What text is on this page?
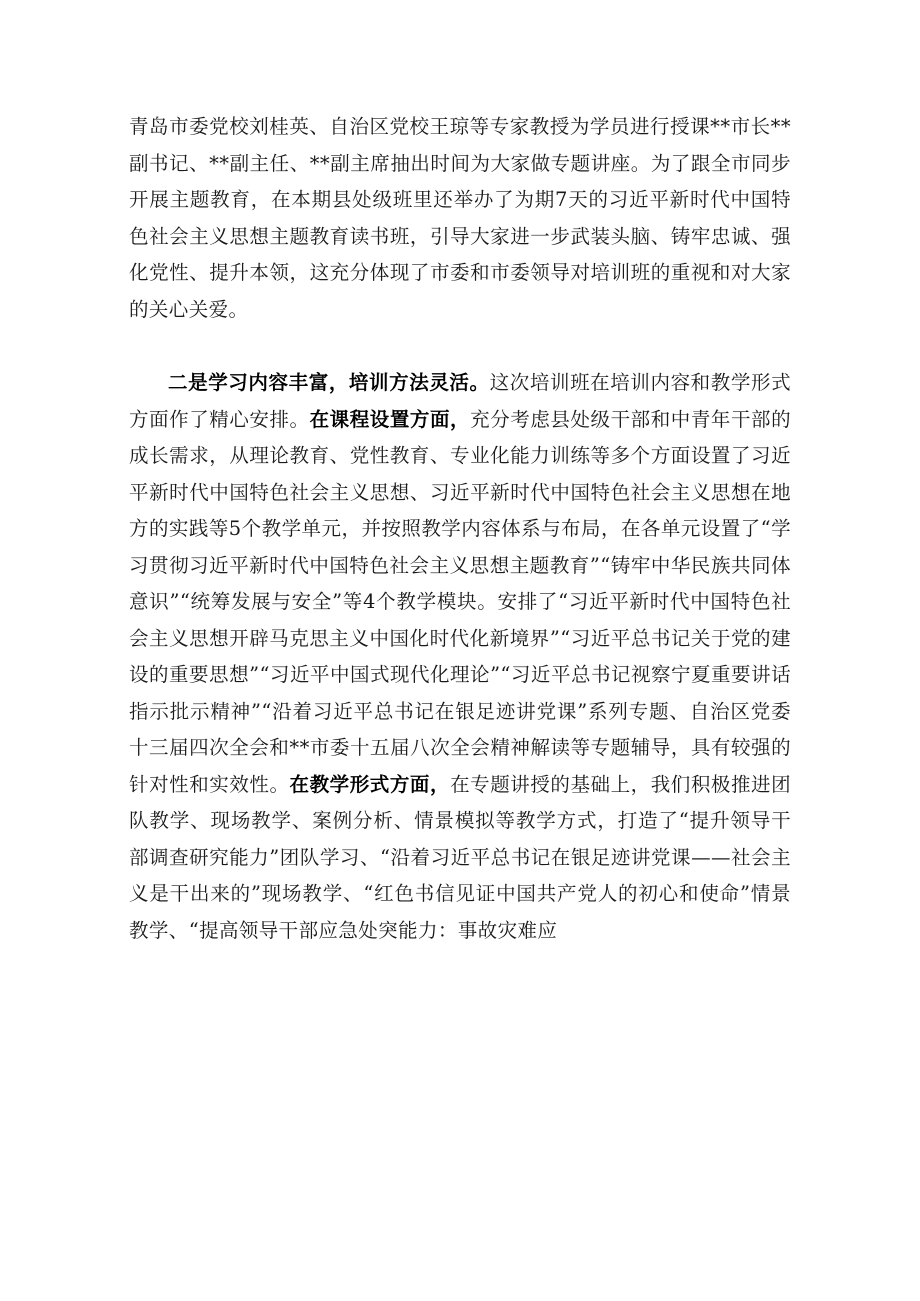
青岛市委党校刘桂英、自治区党校王琼等专家教授为学员进行授课**市长**副书记、**副主任、**副主席抽出时间为大家做专题讲座。为了跟全市同步开展主题教育，在本期县处级班里还举办了为期7天的习近平新时代中国特色社会主义思想主题教育读书班，引导大家进一步武装头脑、铸牢忠诚、强化党性、提升本领，这充分体现了市委和市委领导对培训班的重视和对大家的关心关爱。

二是学习内容丰富，培训方法灵活。这次培训班在培训内容和教学形式方面作了精心安排。在课程设置方面，充分考虑县处级干部和中青年干部的成长需求，从理论教育、党性教育、专业化能力训练等多个方面设置了习近平新时代中国特色社会主义思想、习近平新时代中国特色社会主义思想在地方的实践等5个教学单元，并按照教学内容体系与布局，在各单元设置了“学习贯彻习近平新时代中国特色社会主义思想主题教育”“铸牢中华民族共同体意识”“统筹发展与安全”等4个教学模块。安排了“习近平新时代中国特色社会主义思想开辟马克思主义中国化时代化新境界”“习近平总书记关于党的建设的重要思想”“习近平中国式现代化理论”“习近平总书记视察宁夏重要讲话指示批示精神”“沿着习近平总书记在银足迹讲党课”系列专题、自治区党委十三届四次全会和**市委十五届八次全会精神解读等专题辅导，具有较强的针对性和实效性。在教学形式方面，在专题讲授的基础上，我们积极推进团队教学、现场教学、案例分析、情景模拟等教学方式，打造了“提升领导干部调查研究能力”团队学习、“沿着习近平总书记在银足迹讲党课——社会主义是干出来的”现场教学、“红色书信见证中国共产党人的初心和使命”情景教学、“提高领导干部应急处突能力：事故灾难应
